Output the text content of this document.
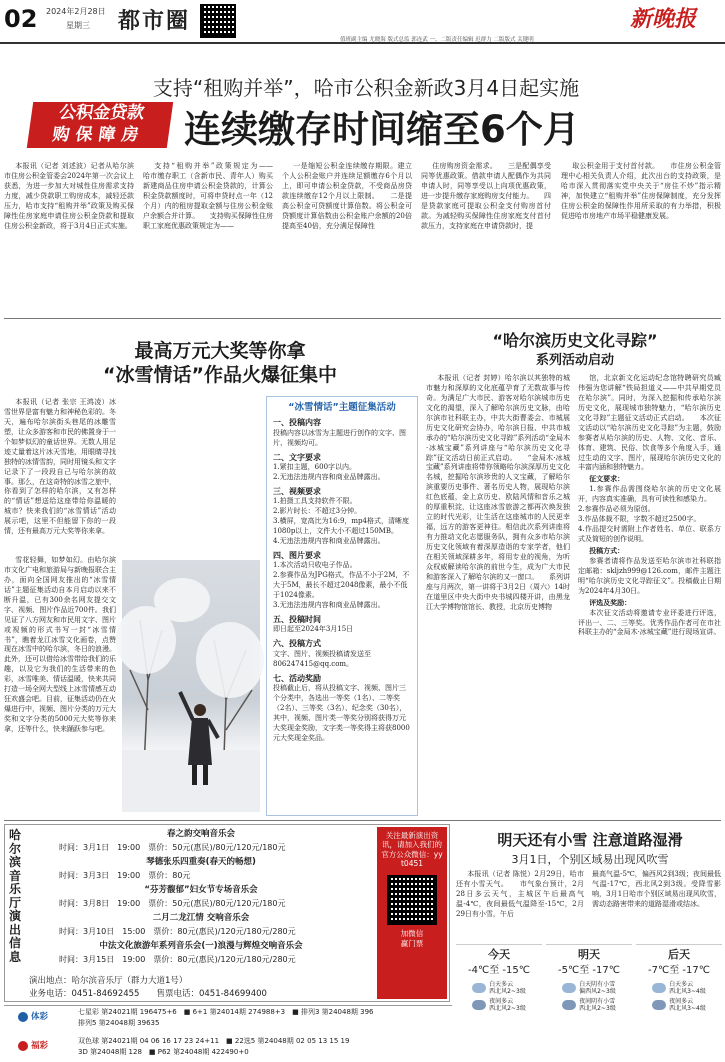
02 2024年2月28日
星期三 都市圈	新晚报
值班副主编 尤晓海 版式总监 郭连武 一、二版责任编辑 迟群力 二版版式 关键明
支持“租购并举”，哈市公积金新政3月4日起实施
公积金贷款
购保障房	连续缴存时间缩至6个月

本报讯（记者 刘述波）记者从哈尔滨市住房公积金管委会2024年第一次会议上获悉，为进一步加大对城性住房需求支持力度，减少贷款职工购房成本，减轻还款压力，哈市支持“租购并举”政策及购买保障性住房家庭申请住房公积金贷款和提取住房公积金新政，将于3月4日正式实施。

支持“租购并举”政策规定为——　　哈市缴存职工（含新市民、青年人）购买新建商品住房申请公积金贷款的，计算公积金贷款额度时，可将申贷时点一年（12个月）内的租房提取金额与住房公积金账户余额合并计算。　　支持购买保障性住房职工家庭优惠政策规定为——

一是缩短公积金连续缴存期限。建立个人公积金账户并连续足额缴存6个月以上，即可申请公积金贷款，不受商品房贷款连续缴存12个月以上限制。　　二是提高公积金可贷额度计算倍数。将公积金可贷额度计算倍数由公积金账户余额的20倍提高至40倍，充分满足保障性

住房购房资金需求。　　三是配偶享受同等优惠政策。借款申请人配偶作为共同申请人时，同等享受以上向项优惠政策，进一步提升缴存家庭购房支付能力。　　四是贷款家庭可提取公积金支付购房首付款。为减轻购买保障性住房家庭支付首付款压力，支持家庭在申请贷款时，提

取公积金用于支付首付款。　　市住房公积金管理中心相关负责人介绍，此次出台的支持政策，是哈市深入贯彻落实党中央关于“房住不炒”指示精神，加快建立“租购并举”住房保障制度，充分发挥住房公积金的保障性作用所采取的有力举措，积极促进哈市房地产市场平稳健康发展。

最高万元大奖等你拿
“冰雪情话”作品火爆征集中

本报讯（记者 张宗 王鸿凌）冰雪世界是富有魅力和神秘色彩的。冬天，遍布哈尔滨街头巷尾的冰雕雪塑，让众多游客和市民的佛置身于一个如梦似幻的童话世界。无数人用足迹丈量着这片冰天雪地，用眼睛寻找独特的冰情雪韵，同时用镜头和文字记录下了一段段自己与哈尔滨的故事。那么，在这奇特的冰雪之旅中，你看到了怎样的哈尔滨，又有怎样的“情话”想送给这座带给你温暖的城市？快来我们的“冰雪情话”活动展示吧，这里不但能留下你的一段情，还有最高万元大奖等你来拿。

雪花轻舞，如梦如幻。由哈尔滨市文化广电和旅游局与新晚报联合主办，面向全国网友推出的“冰雪情话”主题征集活动自本月启动以来不断升温，已有300余名网友提交文字、视频、图片作品近700件。我们见证了八方网友和市民用文字、图片或视频的形式书写一封“冰雪情书”，瞧着龙江冰雪文化画卷，点赞现在冰雪中的哈尔滨，冬日的浪漫。此外，还可以借给冰雪带给我们的乐趣，以及它为我们的生活带来的色彩，冰雪唯美、情话温暖，快来共同打造一场全网大型线上冰雪情感互动狂欢盛会吧。目前，征集活动仍在火爆进行中，视频、图片分类的万元大奖和文字分类的5000元大奖等你来拿，还等什么，快来踊跃参与吧。

“冰雪情话”主题征集活动
一、投稿内容
投稿内容以冰雪为主题进行创作的文字、图片、视频均可。
二、文字要求
1.紧扣主题，600字以内。
2.无违法违规内容和商业品牌露出。
三、视频要求
1.拍摄工具支持软件不限。
2.影片时长：不超过3分钟。
3.横屏，宽高比为16:9，mp4格式，清晰度1080p以上，文件大小不超过150MB。
4.无违法违规内容和商业品牌露出。
四、图片要求
1.本次活动只收电子作品。
2.参赛作品为JPG格式，作品不小于2M，不大于5M，最长不超过2048像素，最小不低于1024像素。
3.无违法违规内容和商业品牌露出。
五、投稿时间
即日起至2024年3月15日
六、投稿方式
文字、图片、视频投稿请发送至806247415@qq.com。
七、活动奖励
投稿截止后，将从投稿文字、视频、图片三个分类中，各选出一等奖（1名）、二等奖（2名）、三等奖（3名）、纪念奖（30名），其中，视频、图片类一等奖分别将获得万元大奖现金奖励，文字类一等奖得主将获8000元大奖现金奖品。
“哈尔滨历史文化寻踪”
系列活动启动

本报讯（记者 封婷）哈尔滨以其独特的城市魅力和深厚的文化底蕴孕育了无数故事与传奇。为满足广大市民、游客对哈尔滨城市历史文化的渴望，深入了解哈尔滨历史文脉，由哈尔滨市社科联主办，中共大街曹委会、市城展历史文化研究会协办，哈尔滨日报、中共市城承办的“哈尔滨历史文化寻踪”系列活动“金局木·冰城宝藏”系列讲座与“哈尔滨历史文化寻踪”征文活动日前正式启动。　　“金局木·冰城宝藏”系列讲座将带你领略哈尔滨深厚历史文化名城，挖掘哈尔滨珍贵的人文宝藏，了解哈尔滨重要历史事件、著名历史人物，展现哈尔滨红色底蕴，金上京历史、欧陆风情和音乐之城的厚重积淀，让这座冰雪旅游之都再次焕发独立的时代光彩，让生活在这座城市的人民更幸福，远方的游客更神往。相信此次系列讲座将有力推动文化志愿服务队，拥有众多市哈尔滨历史文化领域有着深厚造诣的专家学者，他们在相关领域深耕多年，将用专业的视角，为听众权威解读哈尔滨的前世今生，成为广大市民和游客深入了解哈尔滨的又一窗口。　　系列讲座与月两次，第一讲将于3月2日（周六）14时在道里区中央大街中央书城四楼开讲，由黑龙江大学博物馆馆长、教授，北京历史博物

馆，北京新文化运动纪念馆特聘研究员臧伟强为您讲解“铁局担道义——中共早期党员在哈尔滨”。同时，为深入挖掘和传承哈尔滨历史文化，展现城市独特魅力，“哈尔滨历史文化寻踪”主题征文活动正式启动。　　本次征文活动以“哈尔滨历史文化寻踪”为主题，鼓励参赛者从哈尔滨的历史、人物、文化、音乐、体育、建筑、民俗、饮食等多个角度入手，通过生动的文字、图片，展现哈尔滨历史文化的丰富内涵和独特魅力。

征文要求：

1.参赛作品需围绕哈尔滨的历史文化展开，内容真实准确，具有可读性和感染力。
2.参赛作品必须为原创。
3.作品体裁不限，字数不超过2500字。
4.作品提交时需附上作者姓名、单位、联系方式及简短的创作说明。

投稿方式：

参赛者请将作品发送至哈尔滨市社科联指定邮箱：skljzh999@126.com，邮件主题注明“哈尔滨历史文化寻踪征文”。投稿截止日期为2024年4月30日。

评选及奖励：

本次征文活动将邀请专业评委进行评选，评出一、二、三等奖。优秀作品作者可在市社科联主办的“金局木·冰城宝藏”进行现场宣讲。

哈尔滨音乐厅演出信息
春之韵交响音乐会
时间：3月1日　19:00　票价：50元(惠民)/80元/120元/180元
琴德张乐四重奏(春天的畅想)
时间：3月3日　19:00　票价：80元
“芬芳馥郁”妇女节专场音乐会
时间：3月8日　19:00　票价：50元(惠民)/80元/120元/180元
二月二龙江情 交响音乐会
时间：3月10日　15:00　票价：80元(惠民)/120元/180元/280元
中法文化旅游年系列音乐会(一)浪漫与辉煌交响音乐会
时间：3月15日　19:00　票价：80元(惠民)/120元/180元/280元
演出地点：哈尔滨音乐厅（群力大道1号）
业务电话：0451-84692455　　售票电话：0451-84699400
关注最新演出资讯，请加入我们的官方公众微信：yyt0451
加微信
赢门票
明天还有小雪 注意道路湿滑
3月1日，个别区域易出现风吹雪

本报讯（记者 陈悦）2月29日，哈市还有小雪天气。　　市气象台预计，2月28日多云天气，主城区午后最高气温-4℃，夜间最低气温降至-15℃，2月29日有小雪，午后

最高气温-5℃，偏西风2到3级；夜间最低气温-17℃，西北风2到3级。受降雪影响，3月1日哈市个别区域易出现风吹雪，需动态路害带来的道路湿滑或结冰。

今天
-4℃至 -15℃
白天多云
西北风2~3级
夜间多云
西北风2~3级
明天
-5℃至 -17℃
白天阴有小雪
偏西风2~3级
夜间阴有小雪
西北风2~3级
后天
-7℃至 -17℃
白天多云
西北风3~4级
夜间多云
西北风3~4级
体彩	七星彩 第24021期 196475+6　■ 6+1 第24014期 274988+3　■ 排列3 第24048期 396
排列5 第24048期 39635
福彩	双色球 第24021期 04 06 16 17 23 24+11　■ 22选5 第24048期 02 05 13 15 19
3D 第24048期 128　■ P62 第24048期 422490+0
